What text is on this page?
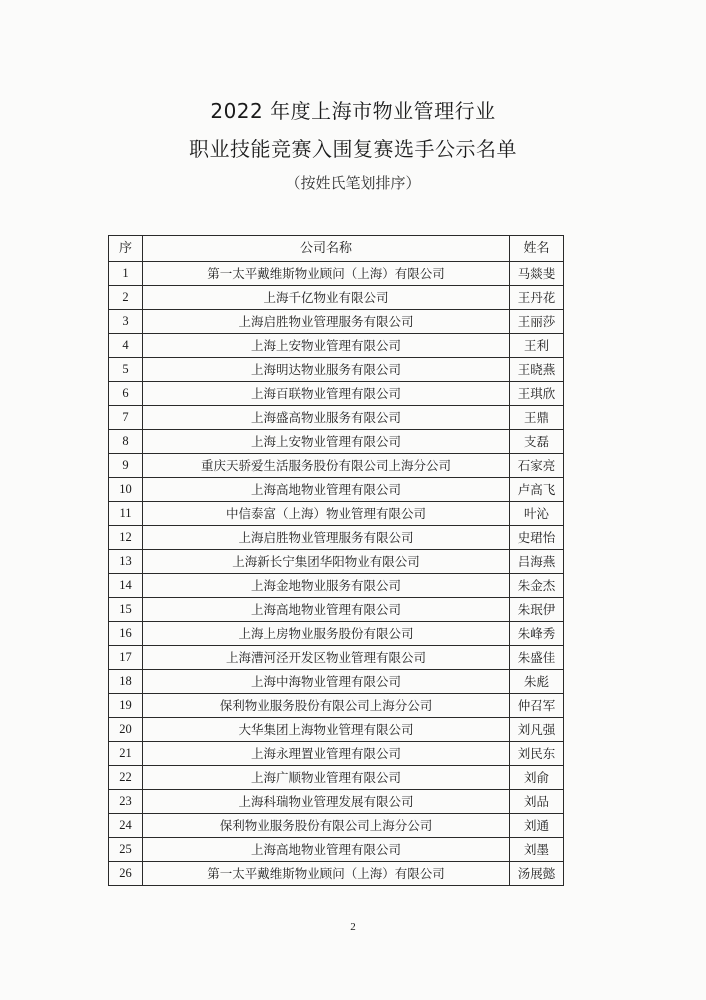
2022 年度上海市物业管理行业
职业技能竞赛入围复赛选手公示名单
（按姓氏笔划排序）
序	公司名称	姓名
1	第一太平戴维斯物业顾问（上海）有限公司	马燚斐
2	上海千亿物业有限公司	王丹花
3	上海启胜物业管理服务有限公司	王丽莎
4	上海上安物业管理有限公司	王利
5	上海明达物业服务有限公司	王晓燕
6	上海百联物业管理有限公司	王琪欣
7	上海盛高物业服务有限公司	王鼎
8	上海上安物业管理有限公司	支磊
9	重庆天骄爱生活服务股份有限公司上海分公司	石家亮
10	上海高地物业管理有限公司	卢高飞
11	中信泰富（上海）物业管理有限公司	叶沁
12	上海启胜物业管理服务有限公司	史珺怡
13	上海新长宁集团华阳物业有限公司	吕海燕
14	上海金地物业服务有限公司	朱金杰
15	上海高地物业管理有限公司	朱珉伊
16	上海上房物业服务股份有限公司	朱峰秀
17	上海漕河泾开发区物业管理有限公司	朱盛佳
18	上海中海物业管理有限公司	朱彪
19	保利物业服务股份有限公司上海分公司	仲召军
20	大华集团上海物业管理有限公司	刘凡强
21	上海永理置业管理有限公司	刘民东
22	上海广顺物业管理有限公司	刘俞
23	上海科瑞物业管理发展有限公司	刘品
24	保利物业服务股份有限公司上海分公司	刘通
25	上海高地物业管理有限公司	刘墨
26	第一太平戴维斯物业顾问（上海）有限公司	汤展懿
2
